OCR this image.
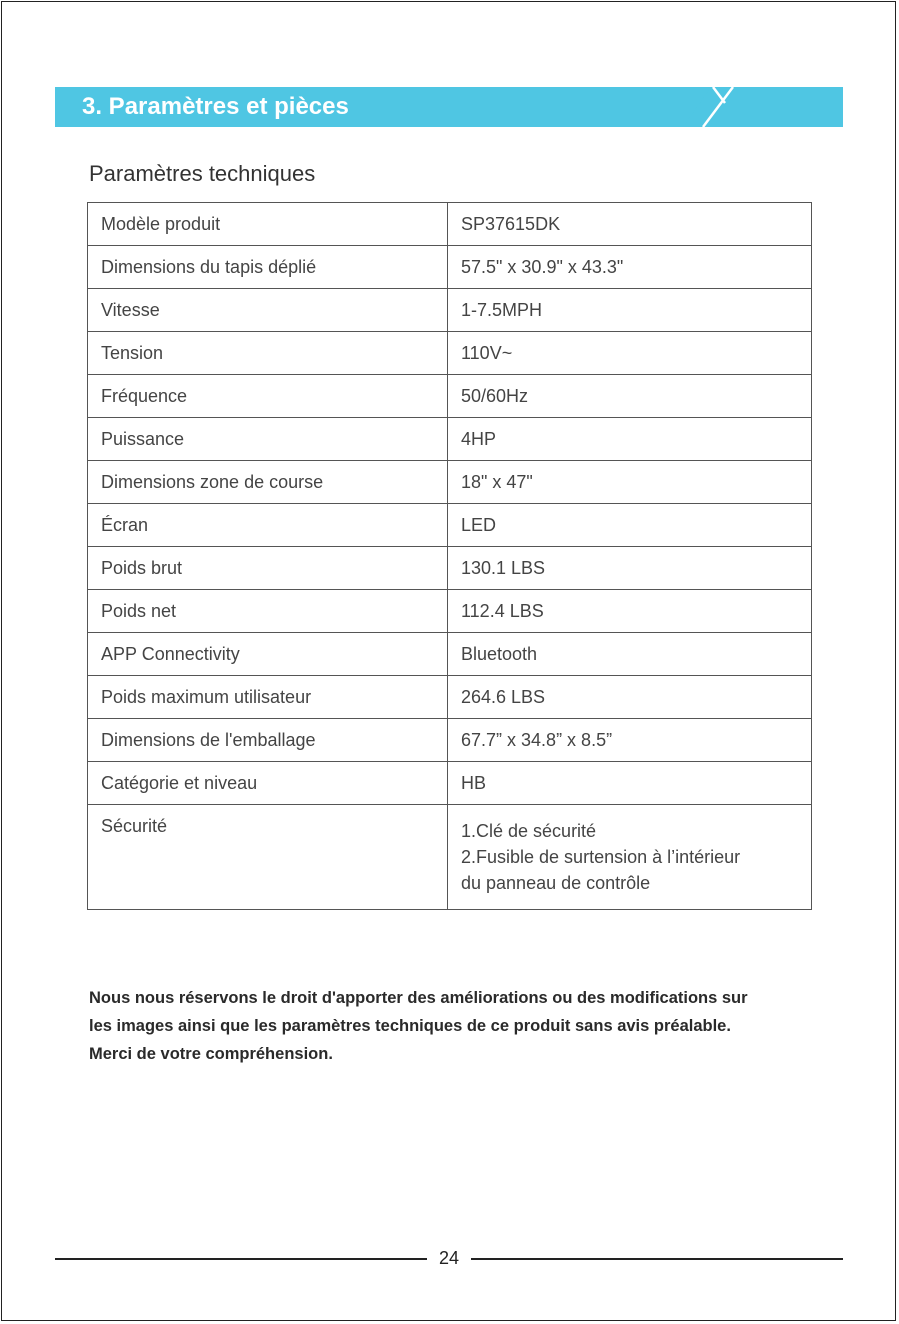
3. Paramètres et pièces
Paramètres techniques
Modèle produit	SP37615DK
Dimensions du tapis déplié	57.5" x 30.9" x 43.3"
Vitesse	1-7.5MPH
Tension	110V~
Fréquence	50/60Hz
Puissance	4HP
Dimensions zone de course	18" x 47"
Écran	LED
Poids brut	130.1 LBS
Poids net	112.4 LBS
APP Connectivity	Bluetooth
Poids maximum utilisateur	264.6 LBS
Dimensions de l'emballage	67.7” x 34.8” x 8.5”
Catégorie et niveau	HB
Sécurité	1.Clé de sécurité
2.Fusible de surtension à l’intérieur
du panneau de contrôle

Nous nous réservons le droit d'apporter des améliorations ou des modifications sur

les images ainsi que les paramètres techniques de ce produit sans avis préalable.

Merci de votre compréhension.

24
